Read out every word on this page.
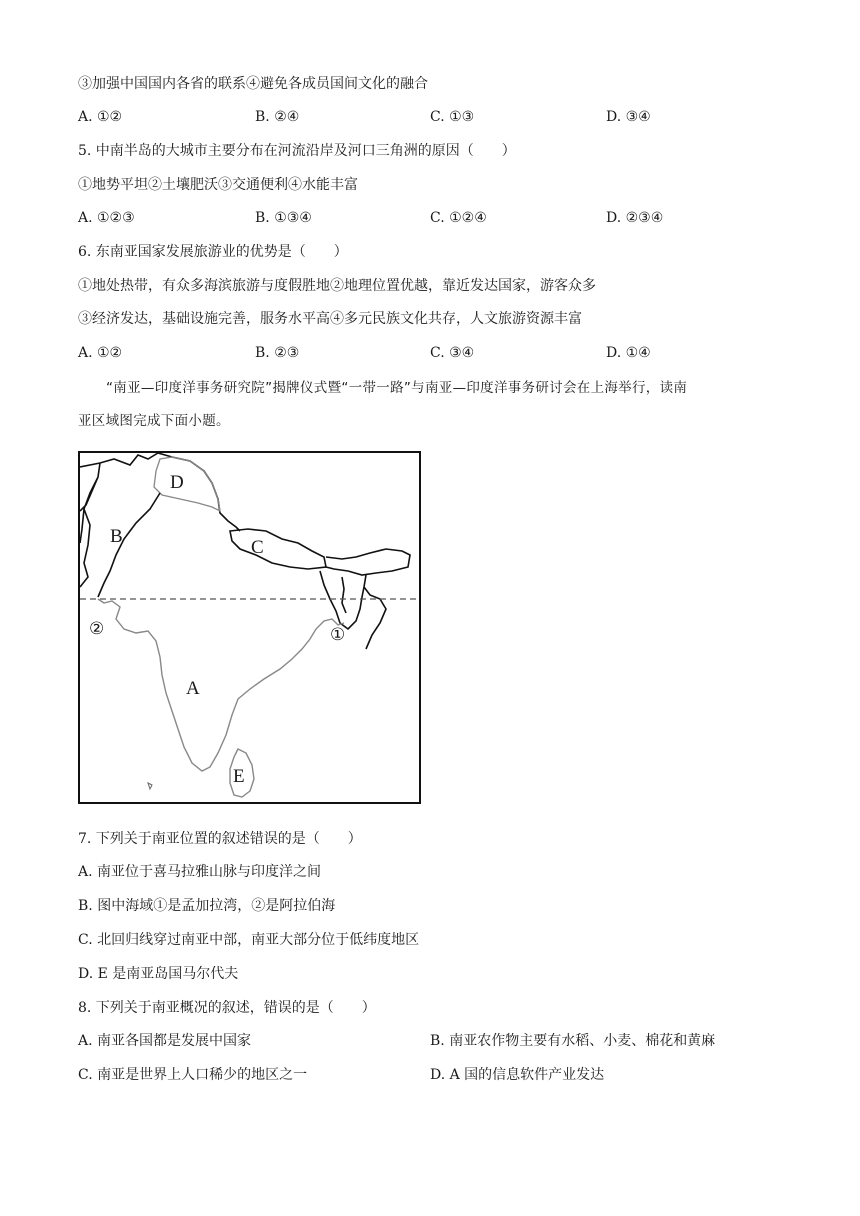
③加强中国国内各省的联系④避免各成员国间文化的融合
A. ①②	B. ②④	C. ①③	D. ③④
5. 中南半岛的大城市主要分布在河流沿岸及河口三角洲的原因（　　）
①地势平坦②土壤肥沃③交通便利④水能丰富
A. ①②③	B. ①③④	C. ①②④	D. ②③④
6. 东南亚国家发展旅游业的优势是（　　）
①地处热带，有众多海滨旅游与度假胜地②地理位置优越，靠近发达国家，游客众多
③经济发达，基础设施完善，服务水平高④多元民族文化共存，人文旅游资源丰富
A. ①②	B. ②③	C. ③④	D. ①④
“南亚—印度洋事务研究院”揭牌仪式暨“一带一路”与南亚—印度洋事务研讨会在上海举行，读南
亚区域图完成下面小题。
D
B
C
A
E
①
②
7. 下列关于南亚位置的叙述错误的是（　　）
A. 南亚位于喜马拉雅山脉与印度洋之间
B. 图中海域①是孟加拉湾，②是阿拉伯海
C. 北回归线穿过南亚中部，南亚大部分位于低纬度地区
D. E 是南亚岛国马尔代夫
8. 下列关于南亚概况的叙述，错误的是（　　）
A. 南亚各国都是发展中国家	B. 南亚农作物主要有水稻、小麦、棉花和黄麻
C. 南亚是世界上人口稀少的地区之一	D. A 国的信息软件产业发达
